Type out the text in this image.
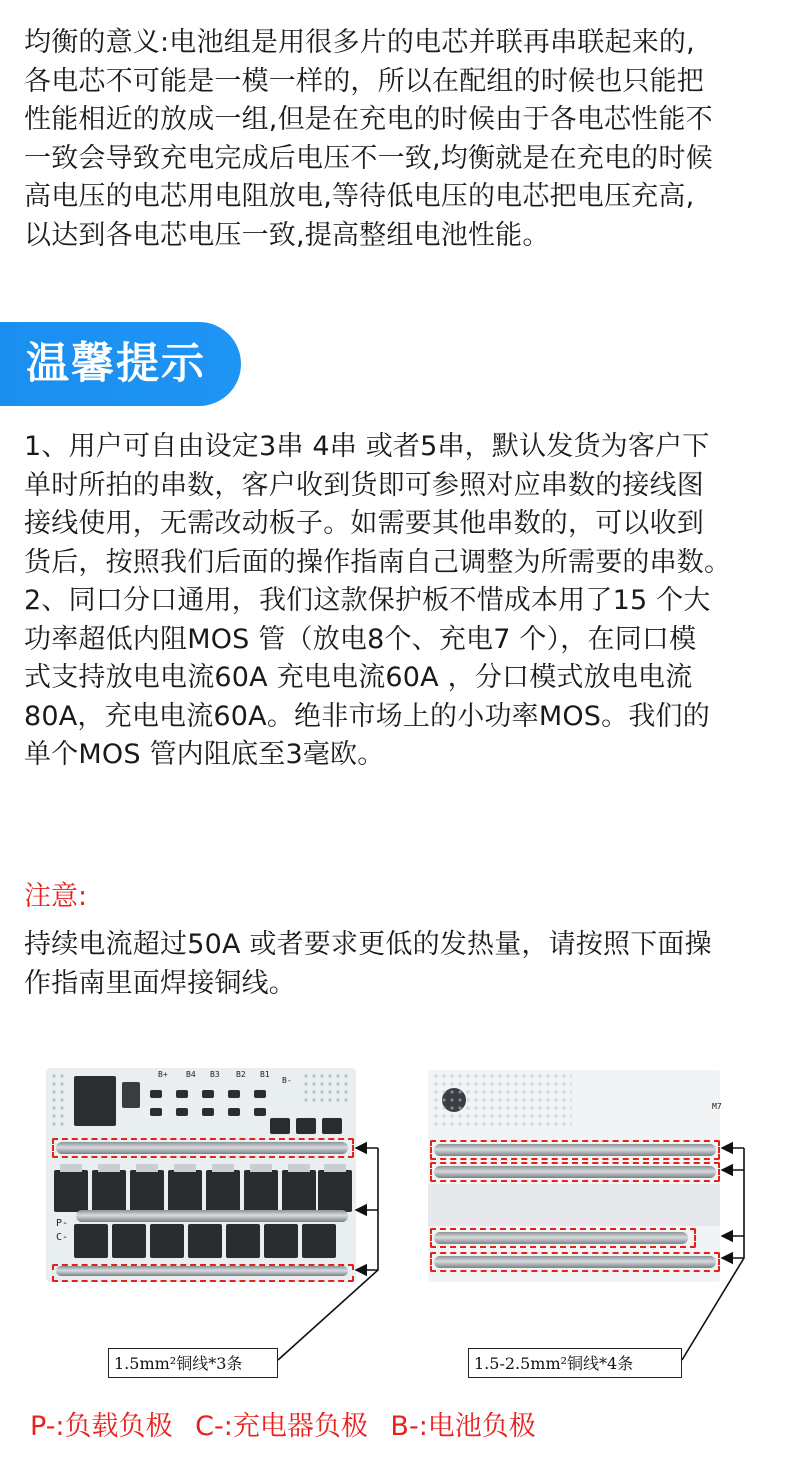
均衡的意义:电池组是用很多片的电芯并联再串联起来的,
各电芯不可能是一模一样的，所以在配组的时候也只能把
性能相近的放成一组,但是在充电的时候由于各电芯性能不
一致会导致充电完成后电压不一致,均衡就是在充电的时候
高电压的电芯用电阻放电,等待低电压的电芯把电压充高,
以达到各电芯电压一致,提高整组电池性能。
温馨提示
1、用户可自由设定3串 4串 或者5串，默认发货为客户下
单时所拍的串数，客户收到货即可参照对应串数的接线图
接线使用，无需改动板子。如需要其他串数的，可以收到
货后，按照我们后面的操作指南自己调整为所需要的串数。
2、同口分口通用，我们这款保护板不惜成本用了15 个大
功率超低内阻MOS 管（放电8个、充电7 个），在同口模
式支持放电电流60A 充电电流60A ，分口模式放电电流
80A，充电电流60A。绝非市场上的小功率MOS。我们的
单个MOS 管内阻底至3毫欧。
注意:
持续电流超过50A 或者要求更低的发热量，请按照下面操
作指南里面焊接铜线。
B+ B4 B3 B2 B1
B-
P-
C-
M7
1.5mm²铜线*3条	1.5-2.5mm²铜线*4条
P-:负载负极 C-:充电器负极 B-:电池负极
